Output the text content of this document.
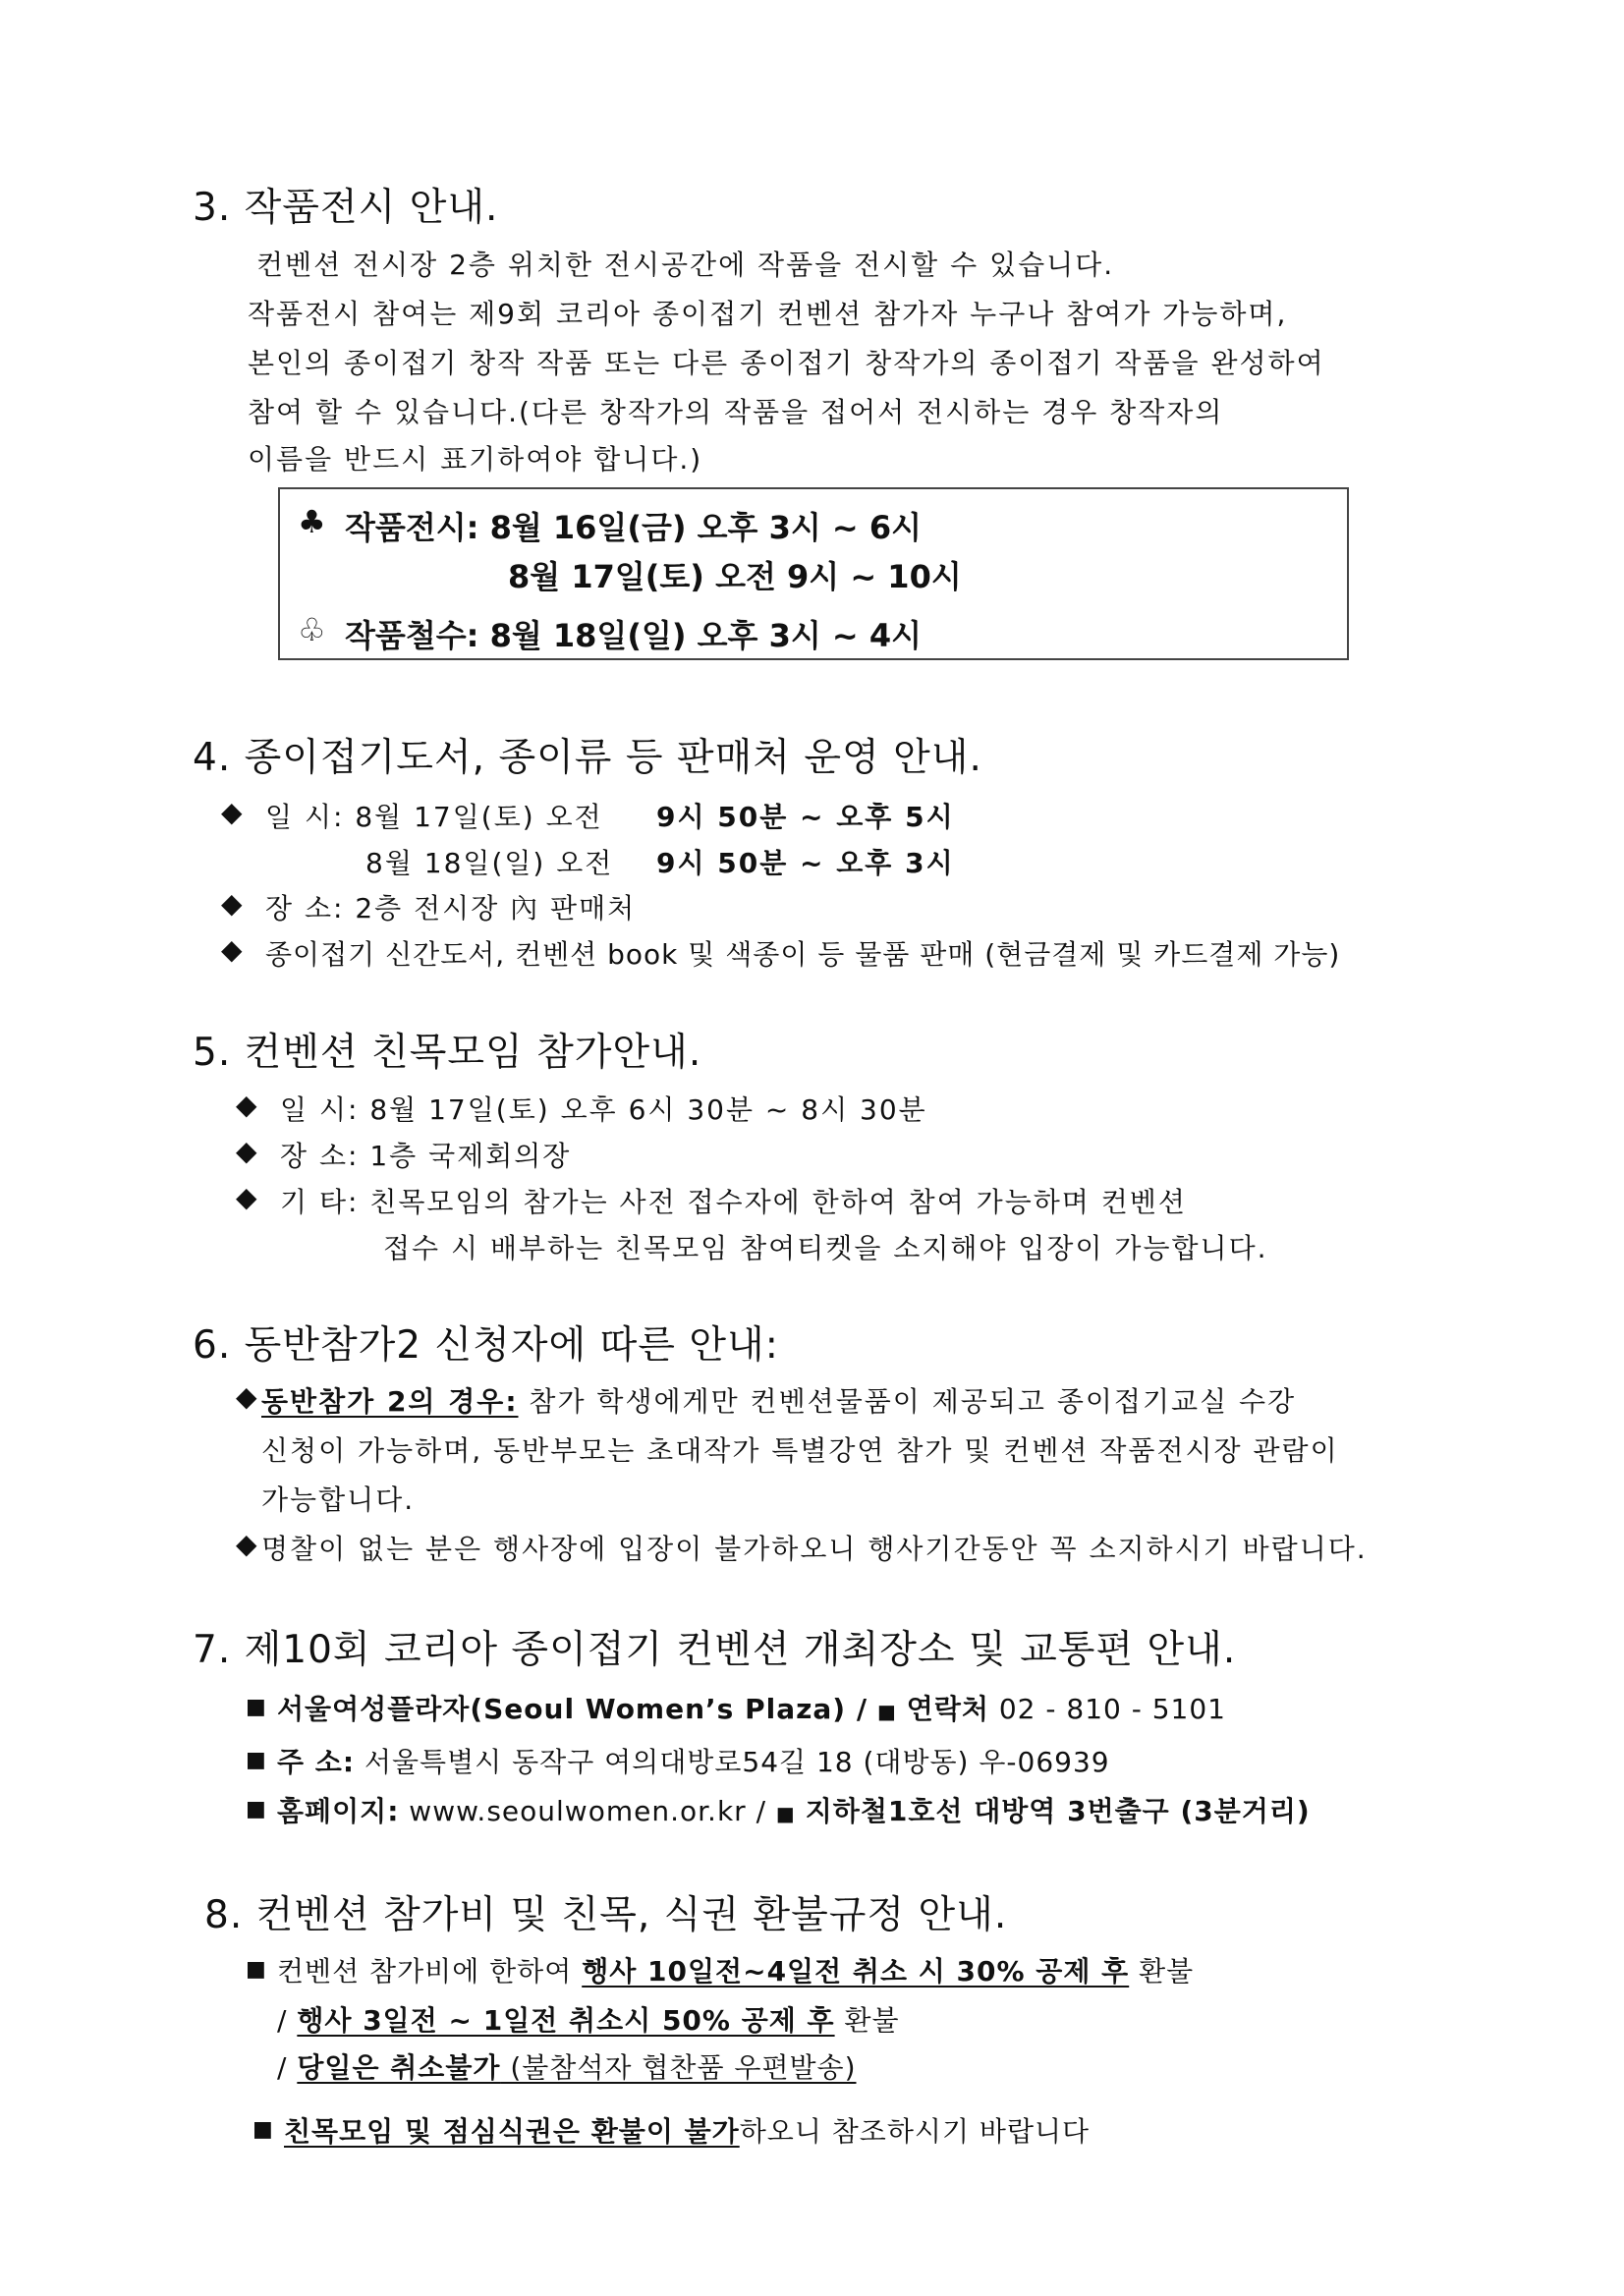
3. 작품전시 안내.
컨벤션 전시장 2층 위치한 전시공간에 작품을 전시할 수 있습니다.
작품전시 참여는 제9회 코리아 종이접기 컨벤션 참가자 누구나 참여가 가능하며,
본인의 종이접기 창작 작품 또는 다른 종이접기 창작가의 종이접기 작품을 완성하여
참여 할 수 있습니다.(다른 창작가의 작품을 접어서 전시하는 경우 창작자의
이름을 반드시 표기하여야 합니다.)
♣ 작품전시: 8월 16일(금) 오후 3시 ~ 6시
8월 17일(토) 오전 9시 ~ 10시
♧ 작품철수: 8월 18일(일) 오후 3시 ~ 4시
4. 종이접기도서, 종이류 등 판매처 운영 안내.
◆ 일 시: 8월 17일(토) 오전 9시 50분 ~ 오후 5시
8월 18일(일) 오전 9시 50분 ~ 오후 3시
◆ 장 소: 2층 전시장 內 판매처
◆ 종이접기 신간도서, 컨벤션 book 및 색종이 등 물품 판매 (현금결제 및 카드결제 가능)
5. 컨벤션 친목모임 참가안내.
◆ 일 시: 8월 17일(토) 오후 6시 30분 ~ 8시 30분
◆ 장 소: 1층 국제회의장
◆ 기 타: 친목모임의 참가는 사전 접수자에 한하여 참여 가능하며 컨벤션
접수 시 배부하는 친목모임 참여티켓을 소지해야 입장이 가능합니다.
6. 동반참가2 신청자에 따른 안내:
◆ 동반참가 2의 경우: 참가 학생에게만 컨벤션물품이 제공되고 종이접기교실 수강
신청이 가능하며, 동반부모는 초대작가 특별강연 참가 및 컨벤션 작품전시장 관람이
가능합니다.
◆ 명찰이 없는 분은 행사장에 입장이 불가하오니 행사기간동안 꼭 소지하시기 바랍니다.
7. 제10회 코리아 종이접기 컨벤션 개최장소 및 교통편 안내.
■ 서울여성플라자(Seoul Women’s Plaza) / ■ 연락처 02 - 810 - 5101
■ 주 소: 서울특별시 동작구 여의대방로54길 18 (대방동) 우-06939
■ 홈페이지: www.seoulwomen.or.kr / ■ 지하철1호선 대방역 3번출구 (3분거리)
8. 컨벤션 참가비 및 친목, 식권 환불규정 안내.
■ 컨벤션 참가비에 한하여 행사 10일전~4일전 취소 시 30% 공제 후 환불
/ 행사 3일전 ~ 1일전 취소시 50% 공제 후 환불
/ 당일은 취소불가 (불참석자 협찬품 우편발송)
■ 친목모임 및 점심식권은 환불이 불가하오니 참조하시기 바랍니다
